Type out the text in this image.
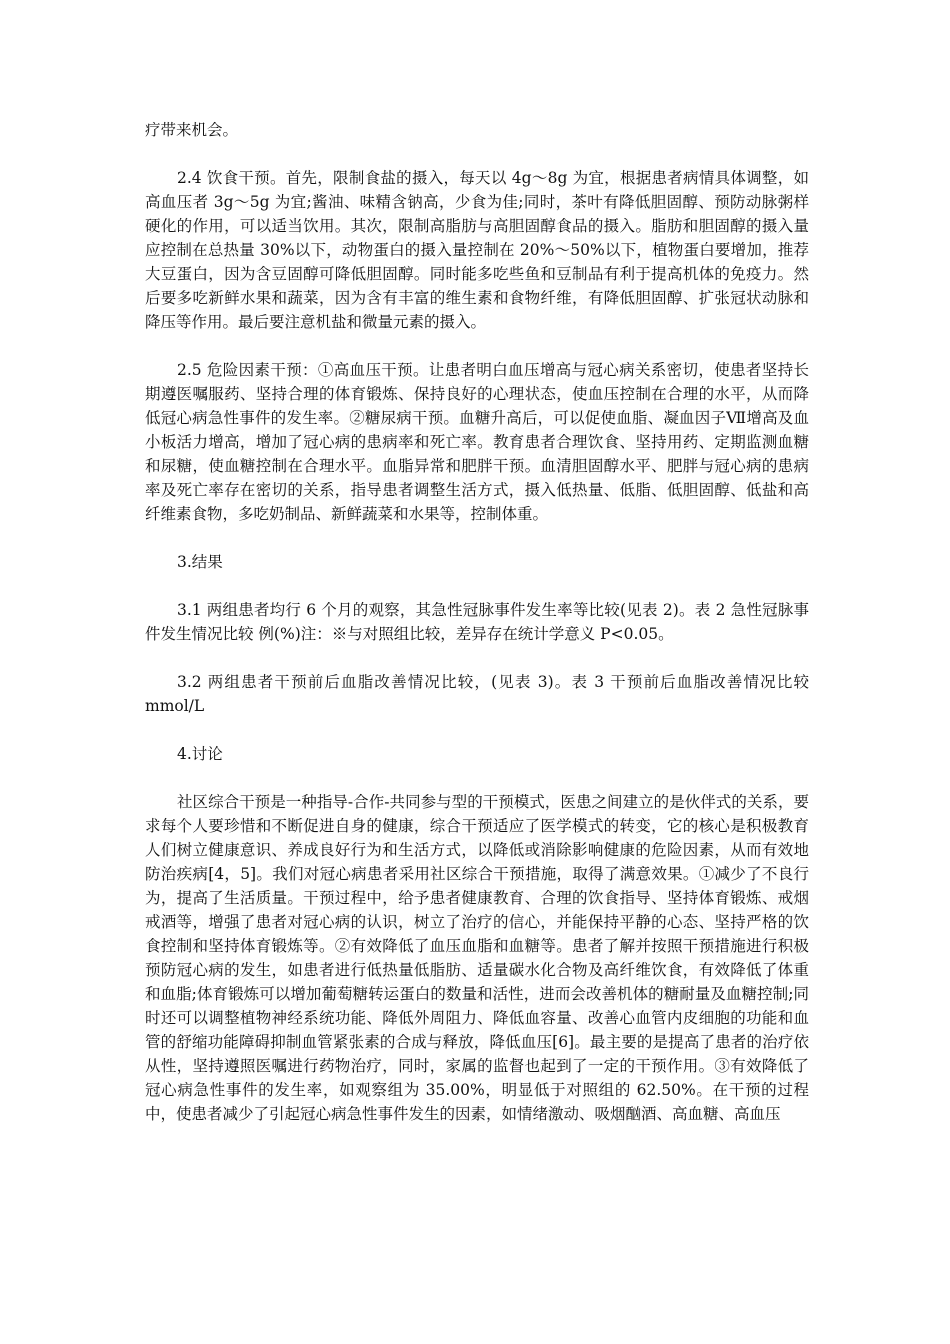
疗带来机会。

2.4 饮食干预。首先，限制食盐的摄入，每天以 4g～8g 为宜，根据患者病情具体调整，如高血压者 3g～5g 为宜;酱油、味精含钠高，少食为佳;同时，茶叶有降低胆固醇、预防动脉粥样硬化的作用，可以适当饮用。其次，限制高脂肪与高胆固醇食品的摄入。脂肪和胆固醇的摄入量应控制在总热量 30%以下，动物蛋白的摄入量控制在 20%～50%以下，植物蛋白要增加，推荐大豆蛋白，因为含豆固醇可降低胆固醇。同时能多吃些鱼和豆制品有利于提高机体的免疫力。然后要多吃新鲜水果和蔬菜，因为含有丰富的维生素和食物纤维，有降低胆固醇、扩张冠状动脉和降压等作用。最后要注意机盐和微量元素的摄入。

2.5 危险因素干预：①高血压干预。让患者明白血压增高与冠心病关系密切，使患者坚持长期遵医嘱服药、坚持合理的体育锻炼、保持良好的心理状态，使血压控制在合理的水平，从而降低冠心病急性事件的发生率。②糖尿病干预。血糖升高后，可以促使血脂、凝血因子Ⅶ增高及血小板活力增高，增加了冠心病的患病率和死亡率。教育患者合理饮食、坚持用药、定期监测血糖和尿糖，使血糖控制在合理水平。血脂异常和肥胖干预。血清胆固醇水平、肥胖与冠心病的患病率及死亡率存在密切的关系，指导患者调整生活方式，摄入低热量、低脂、低胆固醇、低盐和高纤维素食物，多吃奶制品、新鲜蔬菜和水果等，控制体重。

3.结果

3.1 两组患者均行 6 个月的观察，其急性冠脉事件发生率等比较(见表 2)。表 2 急性冠脉事件发生情况比较 例(%)注：※与对照组比较，差异存在统计学意义 P<0.05。

3.2 两组患者干预前后血脂改善情况比较，(见表 3)。表 3 干预前后血脂改善情况比较 mmol/L

4.讨论

社区综合干预是一种指导-合作-共同参与型的干预模式，医患之间建立的是伙伴式的关系，要求每个人要珍惜和不断促进自身的健康，综合干预适应了医学模式的转变，它的核心是积极教育人们树立健康意识、养成良好行为和生活方式，以降低或消除影响健康的危险因素，从而有效地防治疾病[4，5]。我们对冠心病患者采用社区综合干预措施，取得了满意效果。①减少了不良行为，提高了生活质量。干预过程中，给予患者健康教育、合理的饮食指导、坚持体育锻炼、戒烟戒酒等，增强了患者对冠心病的认识，树立了治疗的信心，并能保持平静的心态、坚持严格的饮食控制和坚持体育锻炼等。②有效降低了血压血脂和血糖等。患者了解并按照干预措施进行积极预防冠心病的发生，如患者进行低热量低脂肪、适量碳水化合物及高纤维饮食，有效降低了体重和血脂;体育锻炼可以增加葡萄糖转运蛋白的数量和活性，进而会改善机体的糖耐量及血糖控制;同时还可以调整植物神经系统功能、降低外周阻力、降低血容量、改善心血管内皮细胞的功能和血管的舒缩功能障碍抑制血管紧张素的合成与释放，降低血压[6]。最主要的是提高了患者的治疗依从性，坚持遵照医嘱进行药物治疗，同时，家属的监督也起到了一定的干预作用。③有效降低了冠心病急性事件的发生率，如观察组为 35.00%，明显低于对照组的 62.50%。在干预的过程中，使患者减少了引起冠心病急性事件发生的因素，如情绪激动、吸烟酗酒、高血糖、高血压
